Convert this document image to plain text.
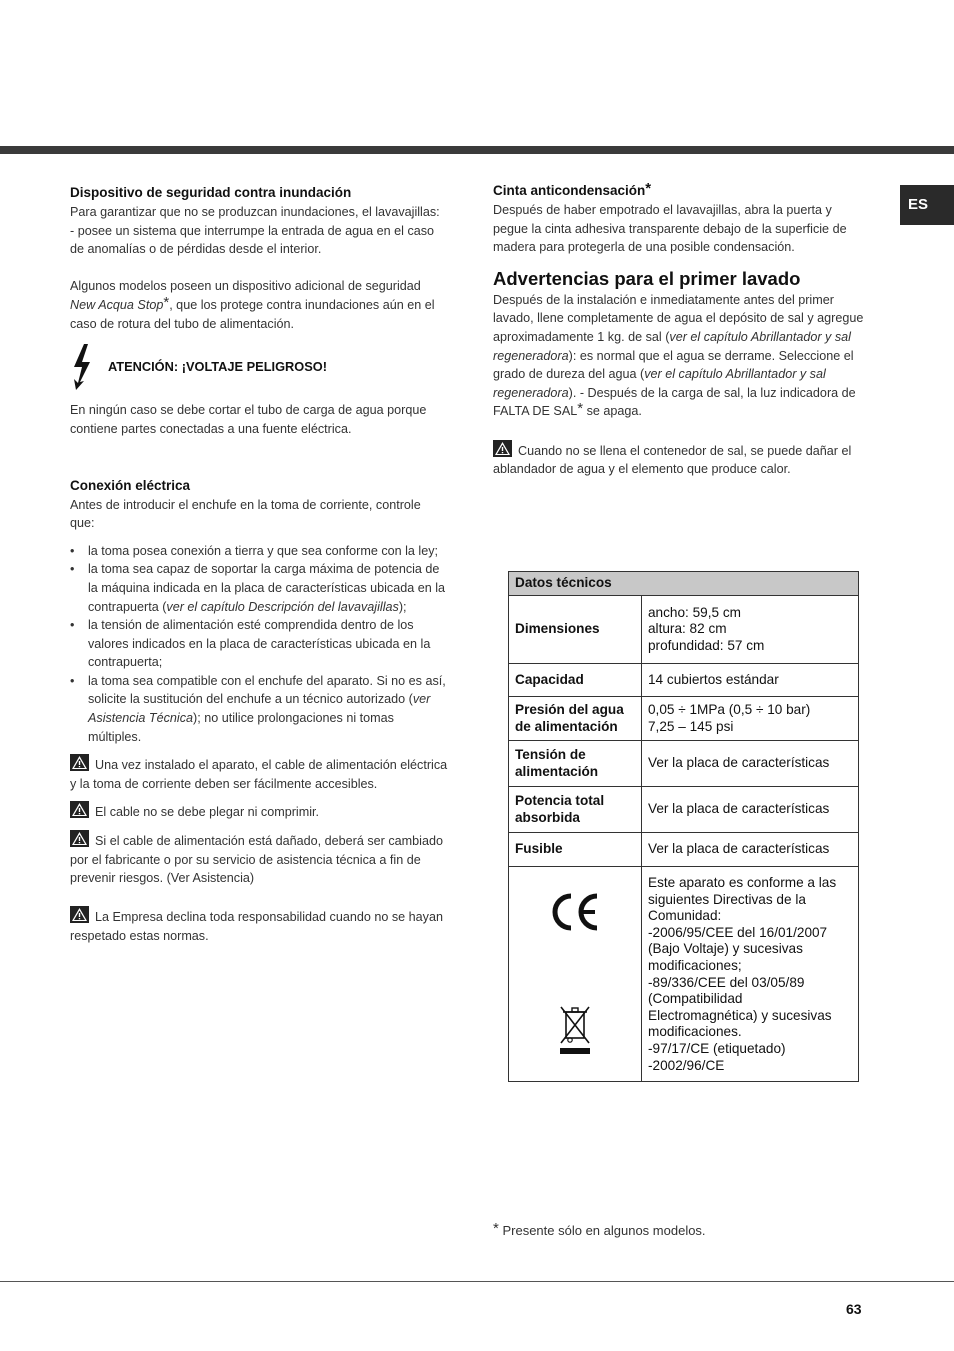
ES

Dispositivo de seguridad contra inundación

Para garantizar que no se produzcan inundaciones, el lavavajillas:

- posee un sistema que interrumpe la entrada de agua en el caso de anomalías o de pérdidas desde el interior.

Algunos modelos poseen un dispositivo adicional de seguridad New Acqua Stop*, que los protege contra inundaciones aún en el caso de rotura del tubo de alimentación.

ATENCIÓN: ¡VOLTAJE PELIGROSO!

En ningún caso se debe cortar el tubo de carga de agua porque contiene partes conectadas a una fuente eléctrica.

Conexión eléctrica

Antes de introducir el enchufe en la toma de corriente, controle que:

• la toma posea conexión a tierra y que sea conforme con la ley;
• la toma sea capaz de soportar la carga máxima de potencia de la máquina indicada en la placa de características ubicada en la contrapuerta (ver el capítulo Descripción del lavavajillas);
• la tensión de alimentación esté comprendida dentro de los valores indicados en la placa de características ubicada en la contrapuerta;
• la toma sea compatible con el enchufe del aparato. Si no es así, solicite la sustitución del enchufe a un técnico autorizado (ver Asistencia Técnica); no utilice prolongaciones ni tomas múltiples.

Una vez instalado el aparato, el cable de alimentación eléctrica y la toma de corriente deben ser fácilmente accesibles.

El cable no se debe plegar ni comprimir.

Si el cable de alimentación está dañado, deberá ser cambiado por el fabricante o por su servicio de asistencia técnica a fin de prevenir riesgos. (Ver Asistencia)

La Empresa declina toda responsabilidad cuando no se hayan respetado estas normas.

Cinta anticondensación*

Después de haber empotrado el lavavajillas, abra la puerta y pegue la cinta adhesiva transparente debajo de la superficie de madera para protegerla de una posible condensación.

Advertencias para el primer lavado

Después de la instalación e inmediatamente antes del primer lavado, llene completamente de agua el depósito de sal y agregue aproximadamente 1 kg. de sal (ver el capítulo Abrillantador y sal regeneradora): es normal que el agua se derrame. Seleccione el grado de dureza del agua (ver el capítulo Abrillantador y sal regeneradora). - Después de la carga de sal, la luz indicadora de FALTA DE SAL* se apaga.

Cuando no se llena el contenedor de sal, se puede dañar el ablandador de agua y el elemento que produce calor.

Datos técnicos	
Dimensiones	ancho: 59,5 cm
altura: 82 cm
profundidad: 57 cm

Capacidad	14 cubiertos estándar

Presión del agua de alimentación	0,05 ÷ 1MPa (0,5 ÷ 10 bar)
7,25 – 145 psi

Tensión de alimentación	Ver la placa de características

Potencia total absorbida	Ver la placa de características

Fusible	Ver la placa de características

Este aparato es conforme a las siguientes Directivas de la Comunidad:
-2006/95/CEE del 16/01/2007 (Bajo Voltaje) y sucesivas modificaciones;
-89/336/CEE del 03/05/89 (Compatibilidad Electromagnética) y sucesivas modificaciones.
-97/17/CE (etiquetado)
-2002/96/CE
* Presente sólo en algunos modelos.
63
